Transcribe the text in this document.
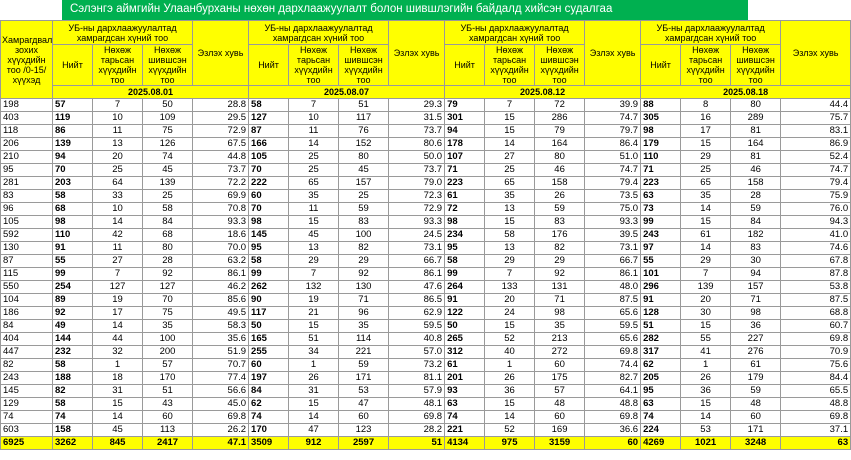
Сэлэнгэ аймгийн Улаанбурханы нөхөн дархлаажуулалт болон шившлэгийн байдалд хийсэн судалгаа
Хамрагдвал зохих хүүхдийн тоо /0-15/ хүүхэд	УБ-ны дархлаажуулалтад хамрагдсан хүний тоо			Эзлэх хувь	УБ-ны дархлаажуулалтад хамрагдсан хүний тоо			Эзлэх хувь	УБ-ны дархлаажуулалтад хамрагдсан хүний тоо			Эзлэх хувь	УБ-ны дархлаажуулалтад хамрагдсан хүний тоо			Эзлэх хувь
	Нийт	Нөхөж тарьсан хүүхдийн тоо	Нөхөж шившсэн хүүхдийн тоо		Нийт	Нөхөж тарьсан хүүхдийн тоо	Нөхөж шившсэн хүүхдийн тоо		Нийт	Нөхөж тарьсан хүүхдийн тоо	Нөхөж шившсэн хүүхдийн тоо		Нийт	Нөхөж тарьсан хүүхдийн тоо	Нөхөж шившсэн хүүхдийн тоо	
	2025.08.01				2025.08.07				2025.08.12				2025.08.18			
198	57	7	50	28.8	58	7	51	29.3	79	7	72	39.9	88	8	80	44.4
403	119	10	109	29.5	127	10	117	31.5	301	15	286	74.7	305	16	289	75.7
118	86	11	75	72.9	87	11	76	73.7	94	15	79	79.7	98	17	81	83.1
206	139	13	126	67.5	166	14	152	80.6	178	14	164	86.4	179	15	164	86.9
210	94	20	74	44.8	105	25	80	50.0	107	27	80	51.0	110	29	81	52.4
95	70	25	45	73.7	70	25	45	73.7	71	25	46	74.7	71	25	46	74.7
281	203	64	139	72.2	222	65	157	79.0	223	65	158	79.4	223	65	158	79.4
83	58	33	25	69.9	60	35	25	72.3	61	35	26	73.5	63	35	28	75.9
96	68	10	58	70.8	70	11	59	72.9	72	13	59	75.0	73	14	59	76.0
105	98	14	84	93.3	98	15	83	93.3	98	15	83	93.3	99	15	84	94.3
592	110	42	68	18.6	145	45	100	24.5	234	58	176	39.5	243	61	182	41.0
130	91	11	80	70.0	95	13	82	73.1	95	13	82	73.1	97	14	83	74.6
87	55	27	28	63.2	58	29	29	66.7	58	29	29	66.7	55	29	30	67.8
115	99	7	92	86.1	99	7	92	86.1	99	7	92	86.1	101	7	94	87.8
550	254	127	127	46.2	262	132	130	47.6	264	133	131	48.0	296	139	157	53.8
104	89	19	70	85.6	90	19	71	86.5	91	20	71	87.5	91	20	71	87.5
186	92	17	75	49.5	117	21	96	62.9	122	24	98	65.6	128	30	98	68.8
84	49	14	35	58.3	50	15	35	59.5	50	15	35	59.5	51	15	36	60.7
404	144	44	100	35.6	165	51	114	40.8	265	52	213	65.6	282	55	227	69.8
447	232	32	200	51.9	255	34	221	57.0	312	40	272	69.8	317	41	276	70.9
82	58	1	57	70.7	60	1	59	73.2	61	1	60	74.4	62	1	61	75.6
243	188	18	170	77.4	197	26	171	81.1	201	26	175	82.7	205	26	179	84.4
145	82	31	51	56.6	84	31	53	57.9	93	36	57	64.1	95	36	59	65.5
129	58	15	43	45.0	62	15	47	48.1	63	15	48	48.8	63	15	48	48.8
74	74	14	60	69.8	74	14	60	69.8	74	14	60	69.8	74	14	60	69.8
603	158	45	113	26.2	170	47	123	28.2	221	52	169	36.6	224	53	171	37.1
6925	3262	845	2417	47.1	3509	912	2597	51	4134	975	3159	60	4269	1021	3248	63
